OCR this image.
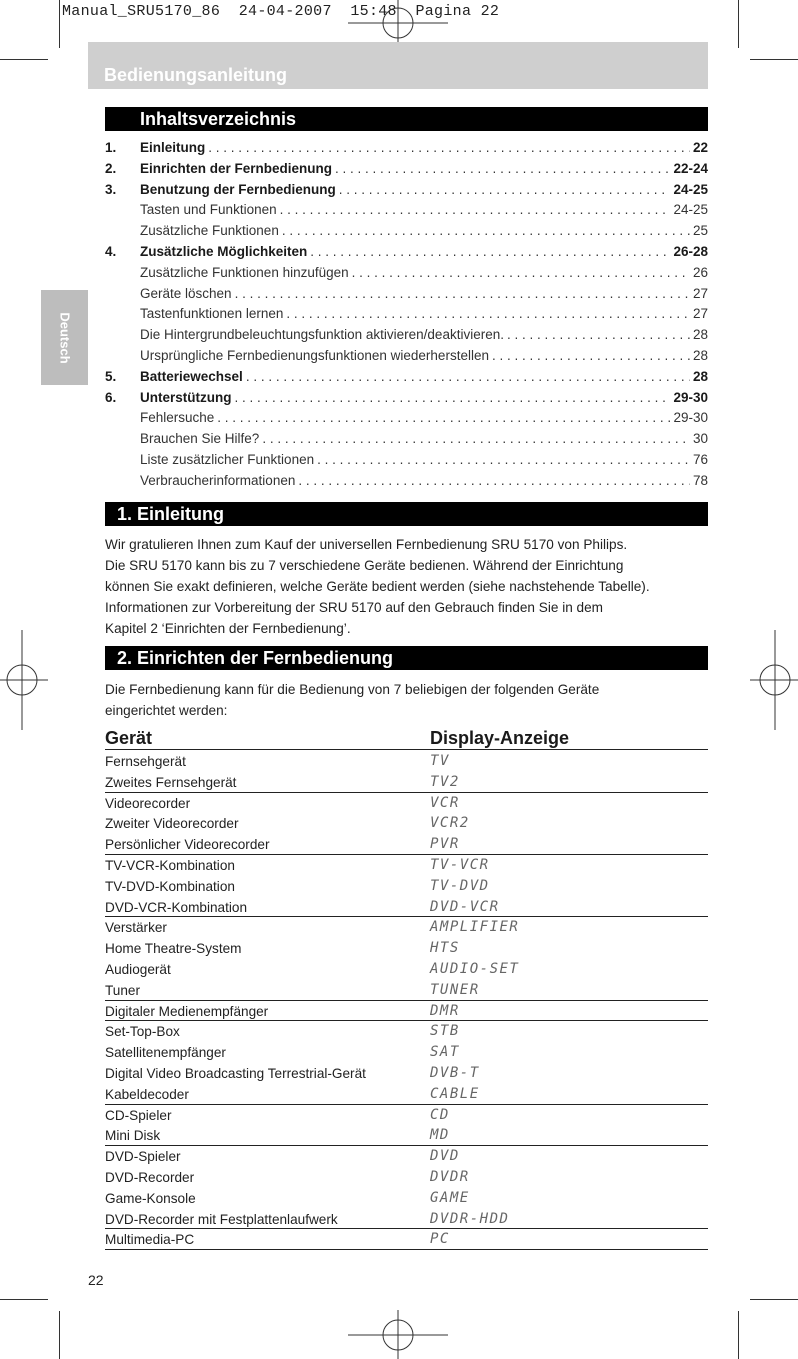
Manual_SRU5170_86  24-04-2007  15:48  Pagina 22
Bedienungsanleitung
Deutsch
Inhaltsverzeichnis
1.	Einleitung . . .	22
2.	Einrichten der Fernbedienung . . .	22-24
3.	Benutzung der Fernbedienung . . .	24-25
Tasten und Funktionen . . .	24-25
Zusätzliche Funktionen . . .	25
4.	Zusätzliche Möglichkeiten . . .	26-28
Zusätzliche Funktionen hinzufügen . . .	26
Geräte löschen . . .	27
Tastenfunktionen lernen . . .	27
Die Hintergrundbeleuchtungsfunktion aktivieren/deaktivieren. . . .	28
Ursprüngliche Fernbedienungsfunktionen wiederherstellen . . .	28
5.	Batteriewechsel . . .	28
6.	Unterstützung . . .	29-30
Fehlersuche . . .	29-30
Brauchen Sie Hilfe? . . .	30
Liste zusätzlicher Funktionen . . .	76
Verbraucherinformationen . . .	78
1. Einleitung
Wir gratulieren Ihnen zum Kauf der universellen Fernbedienung SRU 5170 von Philips.
Die SRU 5170 kann bis zu 7 verschiedene Geräte bedienen. Während der Einrichtung
können Sie exakt definieren, welche Geräte bedient werden (siehe nachstehende Tabelle).
Informationen zur Vorbereitung der SRU 5170 auf den Gebrauch finden Sie in dem
Kapitel 2 ‘Einrichten der Fernbedienung’.
2. Einrichten der Fernbedienung
Die Fernbedienung kann für die Bedienung von 7 beliebigen der folgenden Geräte
eingerichtet werden:
Gerät	Display-Anzeige
Fernsehgerät	TV
Zweites Fernsehgerät	TV2
Videorecorder	VCR
Zweiter Videorecorder	VCR2
Persönlicher Videorecorder	PVR
TV-VCR-Kombination	TV-VCR
TV-DVD-Kombination	TV-DVD
DVD-VCR-Kombination	DVD-VCR
Verstärker	AMPLIFIER
Home Theatre-System	HTS
Audiogerät	AUDIO-SET
Tuner	TUNER
Digitaler Medienempfänger	DMR
Set-Top-Box	STB
Satellitenempfänger	SAT
Digital Video Broadcasting Terrestrial-Gerät	DVB-T
Kabeldecoder	CABLE
CD-Spieler	CD
Mini Disk	MD
DVD-Spieler	DVD
DVD-Recorder	DVDR
Game-Konsole	GAME
DVD-Recorder mit Festplattenlaufwerk	DVDR-HDD
Multimedia-PC	PC
22
